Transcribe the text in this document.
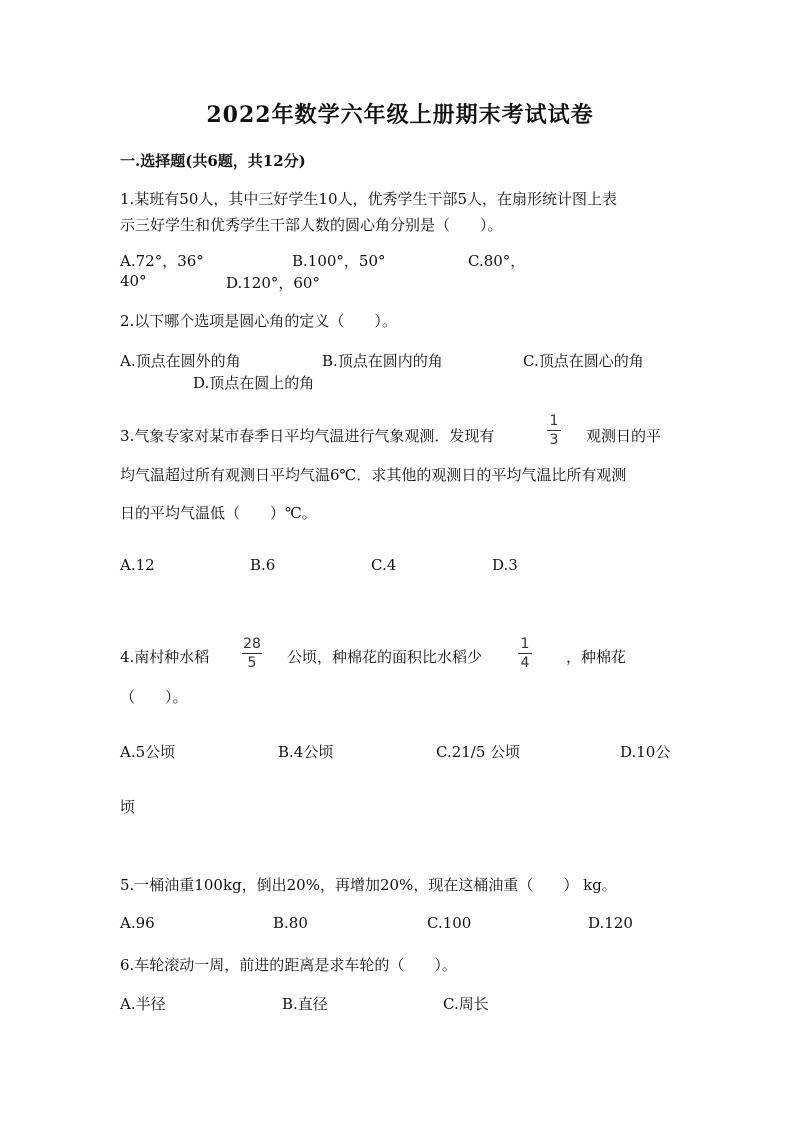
2022年数学六年级上册期末考试试卷
一.选择题(共6题，共12分)
1.某班有50人，其中三好学生10人，优秀学生干部5人，在扇形统计图上表
示三好学生和优秀学生干部人数的圆心角分别是（　　）。
A.72°，36°	B.100°，50°	C.80°，
40°	D.120°，60°
2.以下哪个选项是圆心角的定义（　　）。
A.顶点在圆外的角	B.顶点在圆内的角	C.顶点在圆心的角
D.顶点在圆上的角
3.气象专家对某市春季日平均气温进行气象观测．发现有
1
3 观测日的平
均气温超过所有观测日平均气温6℃．求其他的观测日的平均气温比所有观测
日的平均气温低（　　）℃。
A.12	B.6	C.4	D.3
4.南村种水稻
28
5 公顷，种棉花的面积比水稻少
1
4 ，种棉花
（　　）。
A.5公顷	B.4公顷	C.21/5 公顷	D.10公
顷
5.一桶油重100kg，倒出20%，再增加20%，现在这桶油重（　　） kg。
A.96	B.80	C.100	D.120
6.车轮滚动一周，前进的距离是求车轮的（　　）。
A.半径	B.直径	C.周长
